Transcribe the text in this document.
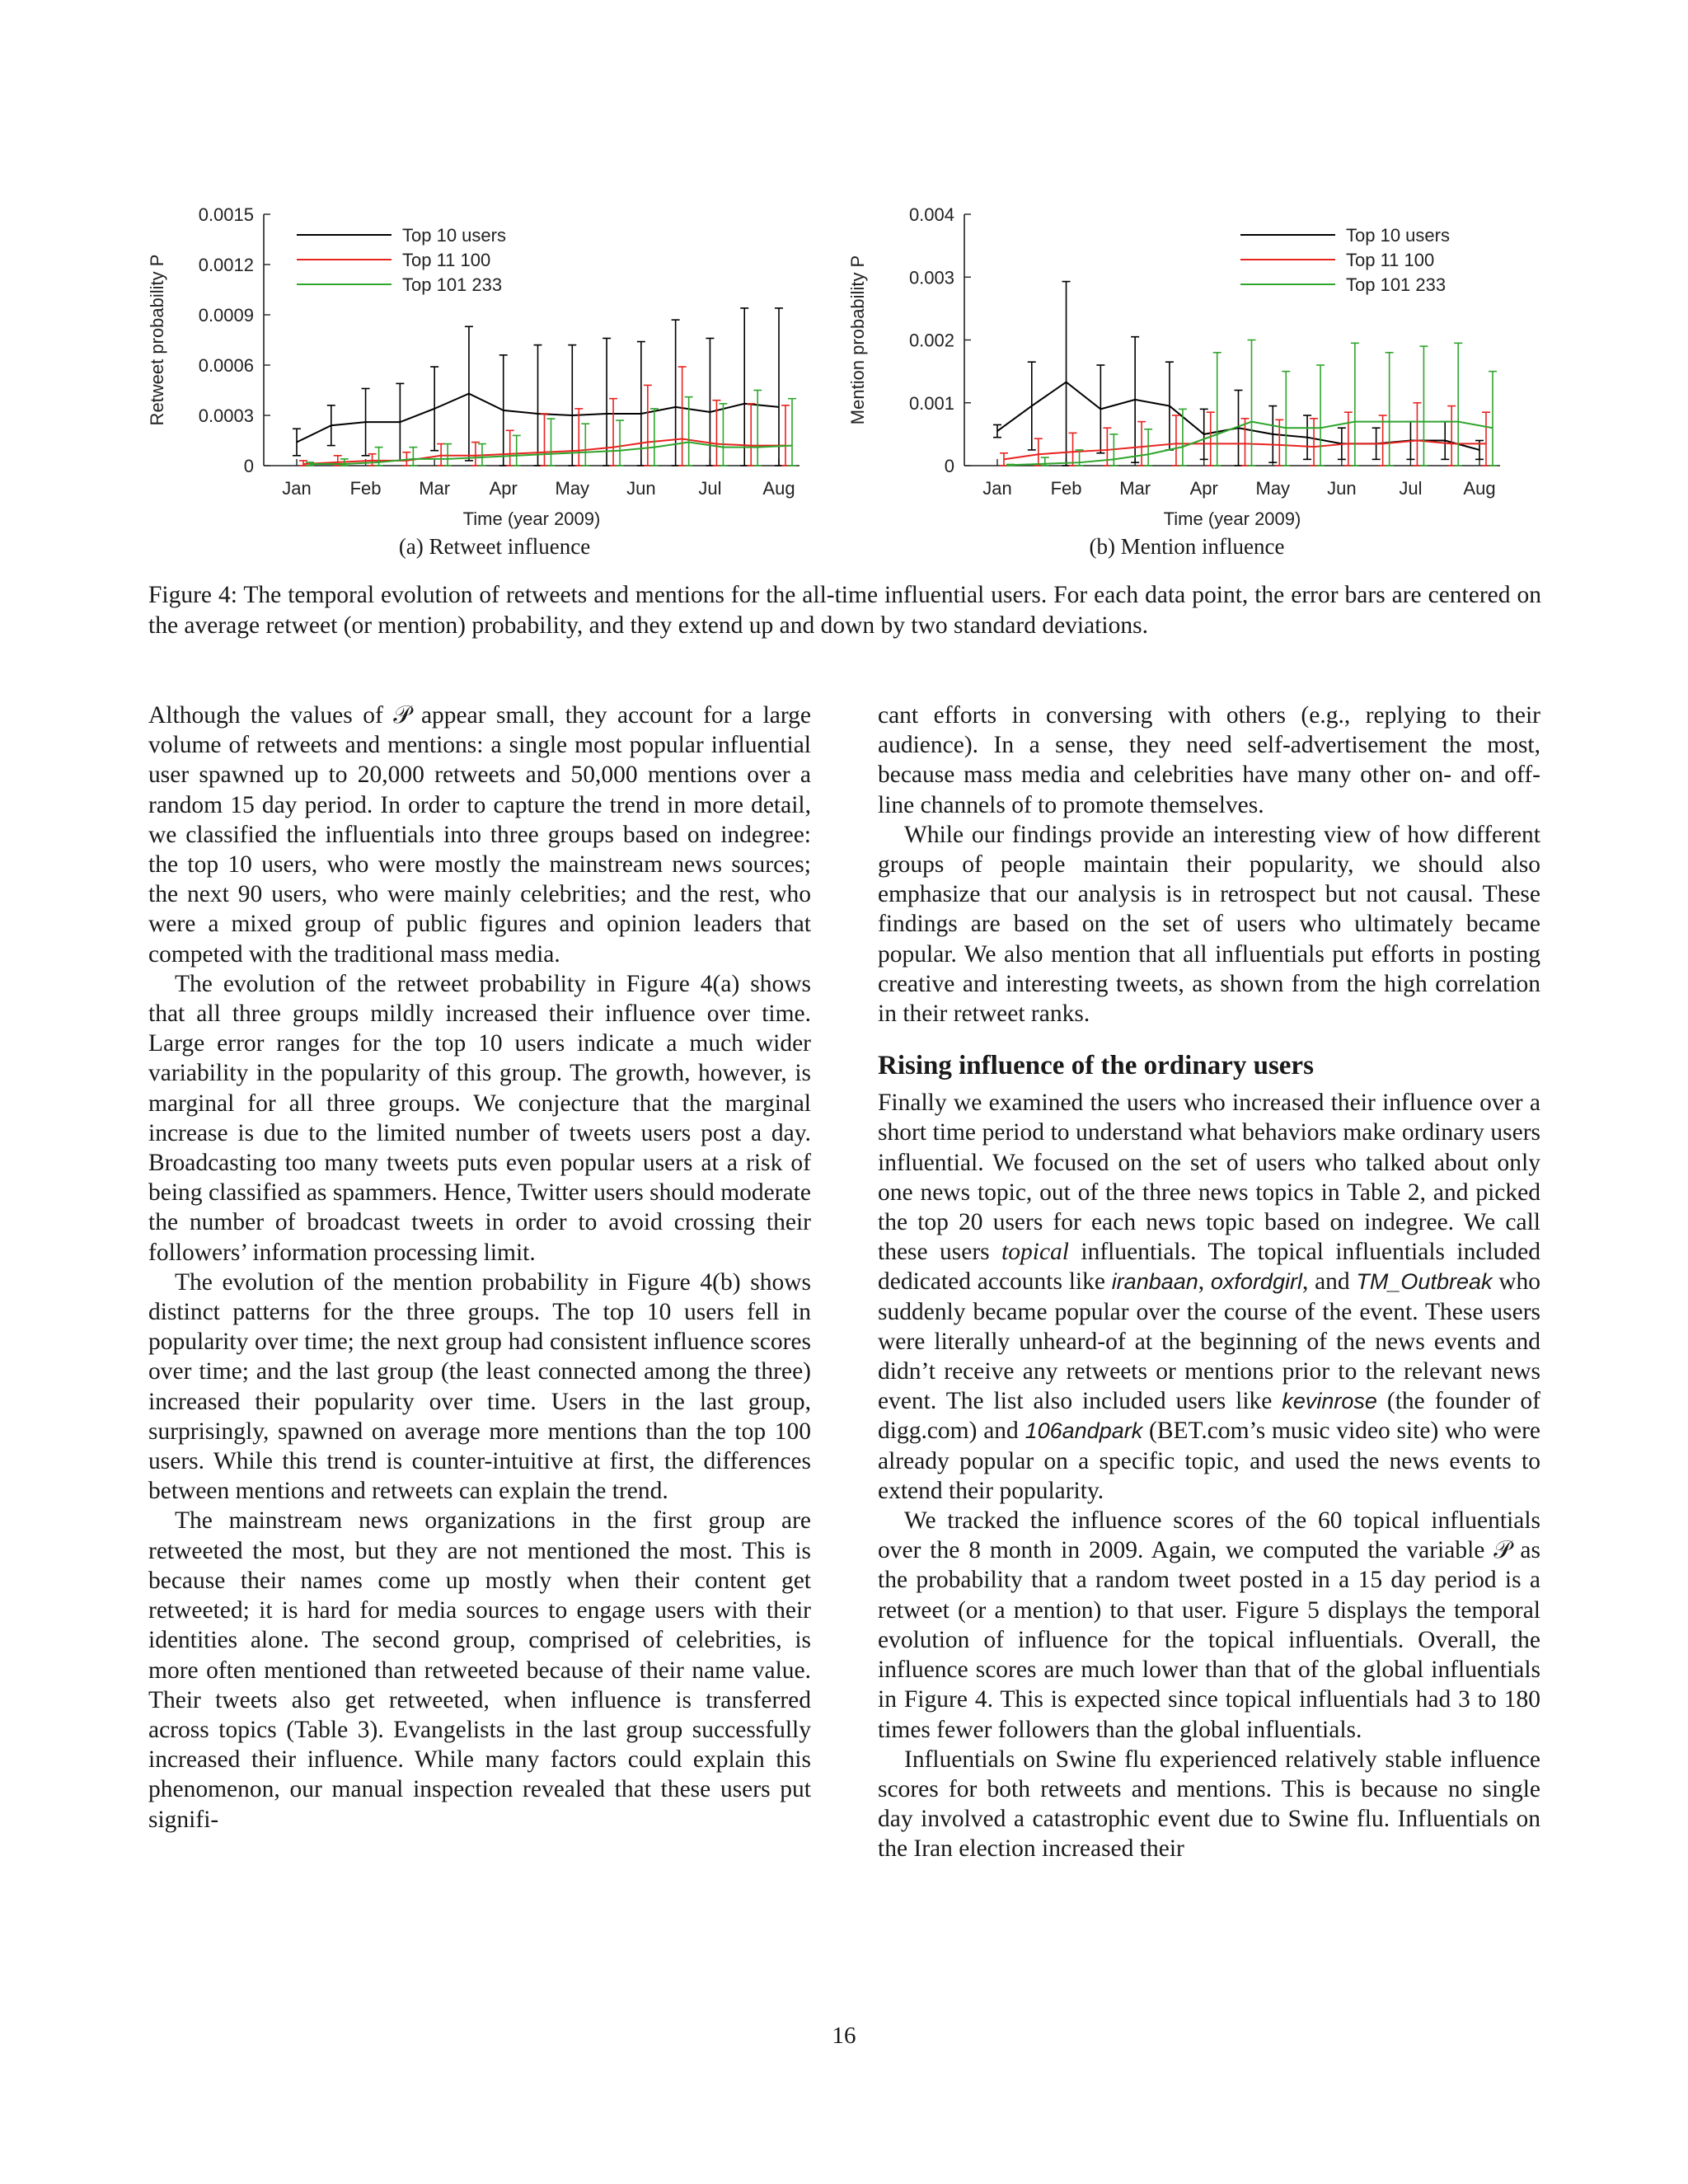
0
0.0003
0.0006
0.0009
0.0012
0.0015
Jan Feb Mar Apr May Jun Jul Aug
Time (year 2009)
Retweet probability P
Top 10 users
Top 11 100
Top 101 233
0
0.001
0.002
0.003
0.004
Jan Feb Mar Apr May Jun Jul Aug
Time (year 2009)
Mention probability P
Top 10 users
Top 11 100
Top 101 233
(a) Retweet influence	(b) Mention influence
Figure 4: The temporal evolution of retweets and mentions for the all-time influential users. For each data point, the error bars are centered on the average retweet (or mention) probability, and they extend up and down by two standard deviations.

Although the values of 𝒫 appear small, they account for a large volume of retweets and mentions: a single most popular influential user spawned up to 20,000 retweets and 50,000 mentions over a random 15 day period. In order to capture the trend in more detail, we classified the influentials into three groups based on indegree: the top 10 users, who were mostly the mainstream news sources; the next 90 users, who were mainly celebrities; and the rest, who were a mixed group of public figures and opinion leaders that competed with the traditional mass media.

The evolution of the retweet probability in Figure 4(a) shows that all three groups mildly increased their influence over time. Large error ranges for the top 10 users indicate a much wider variability in the popularity of this group. The growth, however, is marginal for all three groups. We conjecture that the marginal increase is due to the limited number of tweets users post a day. Broadcasting too many tweets puts even popular users at a risk of being classified as spammers. Hence, Twitter users should moderate the number of broadcast tweets in order to avoid crossing their followers’ information processing limit.

The evolution of the mention probability in Figure 4(b) shows distinct patterns for the three groups. The top 10 users fell in popularity over time; the next group had consistent influence scores over time; and the last group (the least connected among the three) increased their popularity over time. Users in the last group, surprisingly, spawned on average more mentions than the top 100 users. While this trend is counter-intuitive at first, the differences between mentions and retweets can explain the trend.

The mainstream news organizations in the first group are retweeted the most, but they are not mentioned the most. This is because their names come up mostly when their content get retweeted; it is hard for media sources to engage users with their identities alone. The second group, comprised of celebrities, is more often mentioned than retweeted because of their name value. Their tweets also get retweeted, when influence is transferred across topics (Table 3). Evangelists in the last group successfully increased their influence. While many factors could explain this phenomenon, our manual inspection revealed that these users put signifi-

cant efforts in conversing with others (e.g., replying to their audience). In a sense, they need self-advertisement the most, because mass media and celebrities have many other on- and off-line channels of to promote themselves.

While our findings provide an interesting view of how different groups of people maintain their popularity, we should also emphasize that our analysis is in retrospect but not causal. These findings are based on the set of users who ultimately became popular. We also mention that all influentials put efforts in posting creative and interesting tweets, as shown from the high correlation in their retweet ranks.

Rising influence of the ordinary users

Finally we examined the users who increased their influence over a short time period to understand what behaviors make ordinary users influential. We focused on the set of users who talked about only one news topic, out of the three news topics in Table 2, and picked the top 20 users for each news topic based on indegree. We call these users topical influentials. The topical influentials included dedicated accounts like iranbaan, oxfordgirl, and TM_Outbreak who suddenly became popular over the course of the event. These users were literally unheard-of at the beginning of the news events and didn’t receive any retweets or mentions prior to the relevant news event. The list also included users like kevinrose (the founder of digg.com) and 106andpark (BET.com’s music video site) who were already popular on a specific topic, and used the news events to extend their popularity.

We tracked the influence scores of the 60 topical influentials over the 8 month in 2009. Again, we computed the variable 𝒫 as the probability that a random tweet posted in a 15 day period is a retweet (or a mention) to that user. Figure 5 displays the temporal evolution of influence for the topical influentials. Overall, the influence scores are much lower than that of the global influentials in Figure 4. This is expected since topical influentials had 3 to 180 times fewer followers than the global influentials.

Influentials on Swine flu experienced relatively stable influence scores for both retweets and mentions. This is because no single day involved a catastrophic event due to Swine flu. Influentials on the Iran election increased their

16
